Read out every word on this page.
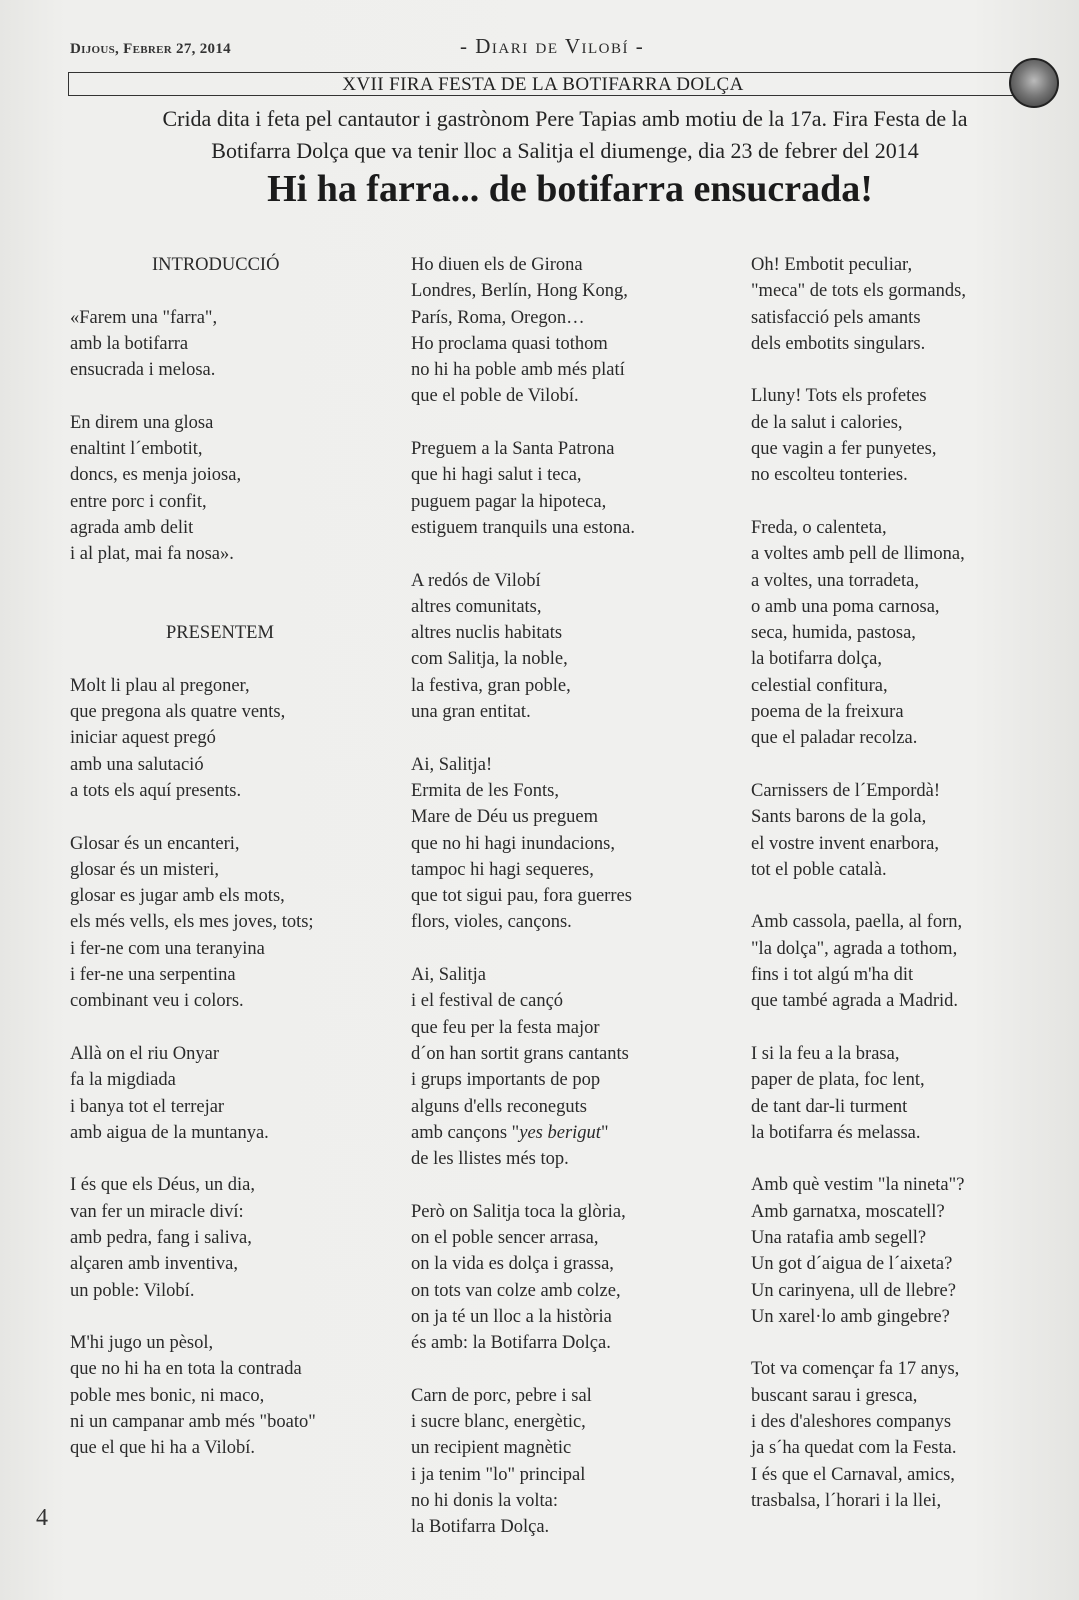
Dijous, Febrer 27, 2014	- Diari de Vilobí -
XVII FIRA FESTA DE LA BOTIFARRA DOLÇA
Crida dita i feta pel cantautor i gastrònom Pere Tapias amb motiu de la 17a. Fira Festa de la
Botifarra Dolça que va tenir lloc a Salitja el diumenge, dia 23 de febrer del 2014
Hi ha farra... de botifarra ensucrada!
INTRODUCCIÓ
«Farem una "farra",
amb la botifarra
ensucrada i melosa.
En direm una glosa
enaltint l´embotit,
doncs, es menja joiosa,
entre porc i confit,
agrada amb delit
i al plat, mai fa nosa».
PRESENTEM
Molt li plau al pregoner,
que pregona als quatre vents,
iniciar aquest pregó
amb una salutació
a tots els aquí presents.
Glosar és un encanteri,
glosar és un misteri,
glosar es jugar amb els mots,
els més vells, els mes joves, tots;
i fer-ne com una teranyina
i fer-ne una serpentina
combinant veu i colors.
Allà on el riu Onyar
fa la migdiada
i banya tot el terrejar
amb aigua de la muntanya.
I és que els Déus, un dia,
van fer un miracle diví:
amb pedra, fang i saliva,
alçaren amb inventiva,
un poble: Vilobí.
M'hi jugo un pèsol,
que no hi ha en tota la contrada
poble mes bonic, ni maco,
ni un campanar amb més "boato"
que el que hi ha a Vilobí.
Ho diuen els de Girona
Londres, Berlín, Hong Kong,
París, Roma, Oregon…
Ho proclama quasi tothom
no hi ha poble amb més platí
que el poble de Vilobí.
Preguem a la Santa Patrona
que hi hagi salut i teca,
puguem pagar la hipoteca,
estiguem tranquils una estona.
A redós de Vilobí
altres comunitats,
altres nuclis habitats
com Salitja, la noble,
la festiva, gran poble,
una gran entitat.
Ai, Salitja!
Ermita de les Fonts,
Mare de Déu us preguem
que no hi hagi inundacions,
tampoc hi hagi sequeres,
que tot sigui pau, fora guerres
flors, violes, cançons.
Ai, Salitja
i el festival de cançó
que feu per la festa major
d´on han sortit grans cantants
i grups importants de pop
alguns d'ells reconeguts
amb cançons "yes berigut"
de les llistes més top.
Però on Salitja toca la glòria,
on el poble sencer arrasa,
on la vida es dolça i grassa,
on tots van colze amb colze,
on ja té un lloc a la història
és amb: la Botifarra Dolça.
Carn de porc, pebre i sal
i sucre blanc, energètic,
un recipient magnètic
i ja tenim "lo" principal
no hi donis la volta:
la Botifarra Dolça.
Oh! Embotit peculiar,
"meca" de tots els gormands,
satisfacció pels amants
dels embotits singulars.
Lluny! Tots els profetes
de la salut i calories,
que vagin a fer punyetes,
no escolteu tonteries.
Freda, o calenteta,
a voltes amb pell de llimona,
a voltes, una torradeta,
o amb una poma carnosa,
seca, humida, pastosa,
la botifarra dolça,
celestial confitura,
poema de la freixura
que el paladar recolza.
Carnissers de l´Empordà!
Sants barons de la gola,
el vostre invent enarbora,
tot el poble català.
Amb cassola, paella, al forn,
"la dolça", agrada a tothom,
fins i tot algú m'ha dit
que també agrada a Madrid.
I si la feu a la brasa,
paper de plata, foc lent,
de tant dar-li turment
la botifarra és melassa.
Amb què vestim "la nineta"?
Amb garnatxa, moscatell?
Una ratafia amb segell?
Un got d´aigua de l´aixeta?
Un carinyena, ull de llebre?
Un xarel·lo amb gingebre?
Tot va començar fa 17 anys,
buscant sarau i gresca,
i des d'aleshores companys
ja s´ha quedat com la Festa.
I és que el Carnaval, amics,
trasbalsa, l´horari i la llei,
4
